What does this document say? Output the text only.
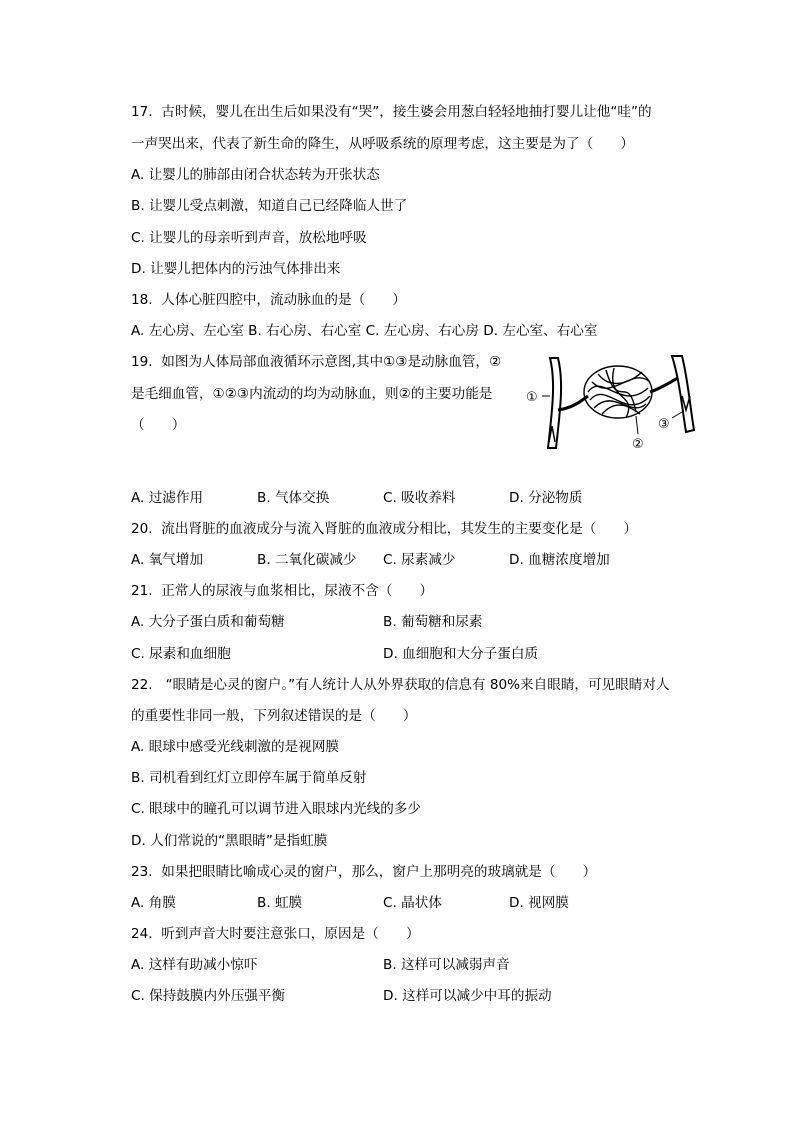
17.  古时候，婴儿在出生后如果没有“哭”，接生婆会用葱白轻轻地抽打婴儿让他“哇”的
一声哭出来，代表了新生命的降生，从呼吸系统的原理考虑，这主要是为了（　　）
A. 让婴儿的肺部由闭合状态转为开张状态
B. 让婴儿受点刺激，知道自己已经降临人世了
C. 让婴儿的母亲听到声音，放松地呼吸
D. 让婴儿把体内的污浊气体排出来
18.  人体心脏四腔中，流动脉血的是（　　）
A. 左心房、左心室 B. 右心房、右心室 C. 左心房、右心房 D. 左心室、右心室
19.  如图为人体局部血液循环示意图,其中①③是动脉血管，②
是毛细血管，①②③内流动的均为动脉血，则②的主要功能是
（　　）
①
②
③
A. 过滤作用	B. 气体交换	C. 吸收养料	D. 分泌物质
20.  流出肾脏的血液成分与流入肾脏的血液成分相比，其发生的主要变化是（　　）
A. 氧气增加	B. 二氧化碳减少 C. 尿素减少	D. 血糖浓度增加
21.  正常人的尿液与血浆相比，尿液不含（　　）
A. 大分子蛋白质和葡萄糖	B. 葡萄糖和尿素
C. 尿素和血细胞	D. 血细胞和大分子蛋白质
22.   “眼睛是心灵的窗户。”有人统计人从外界获取的信息有 80%来自眼睛，可见眼睛对人
的重要性非同一般，下列叙述错误的是（　　）
A. 眼球中感受光线刺激的是视网膜
B. 司机看到红灯立即停车属于简单反射
C. 眼球中的瞳孔可以调节进入眼球内光线的多少
D. 人们常说的“黑眼睛”是指虹膜
23.  如果把眼睛比喻成心灵的窗户，那么，窗户上那明亮的玻璃就是（　　）
A. 角膜	B. 虹膜	C. 晶状体	D. 视网膜
24.  听到声音大时要注意张口，原因是（　　）
A. 这样有助减小惊吓	B. 这样可以减弱声音
C. 保持鼓膜内外压强平衡	D. 这样可以减少中耳的振动
